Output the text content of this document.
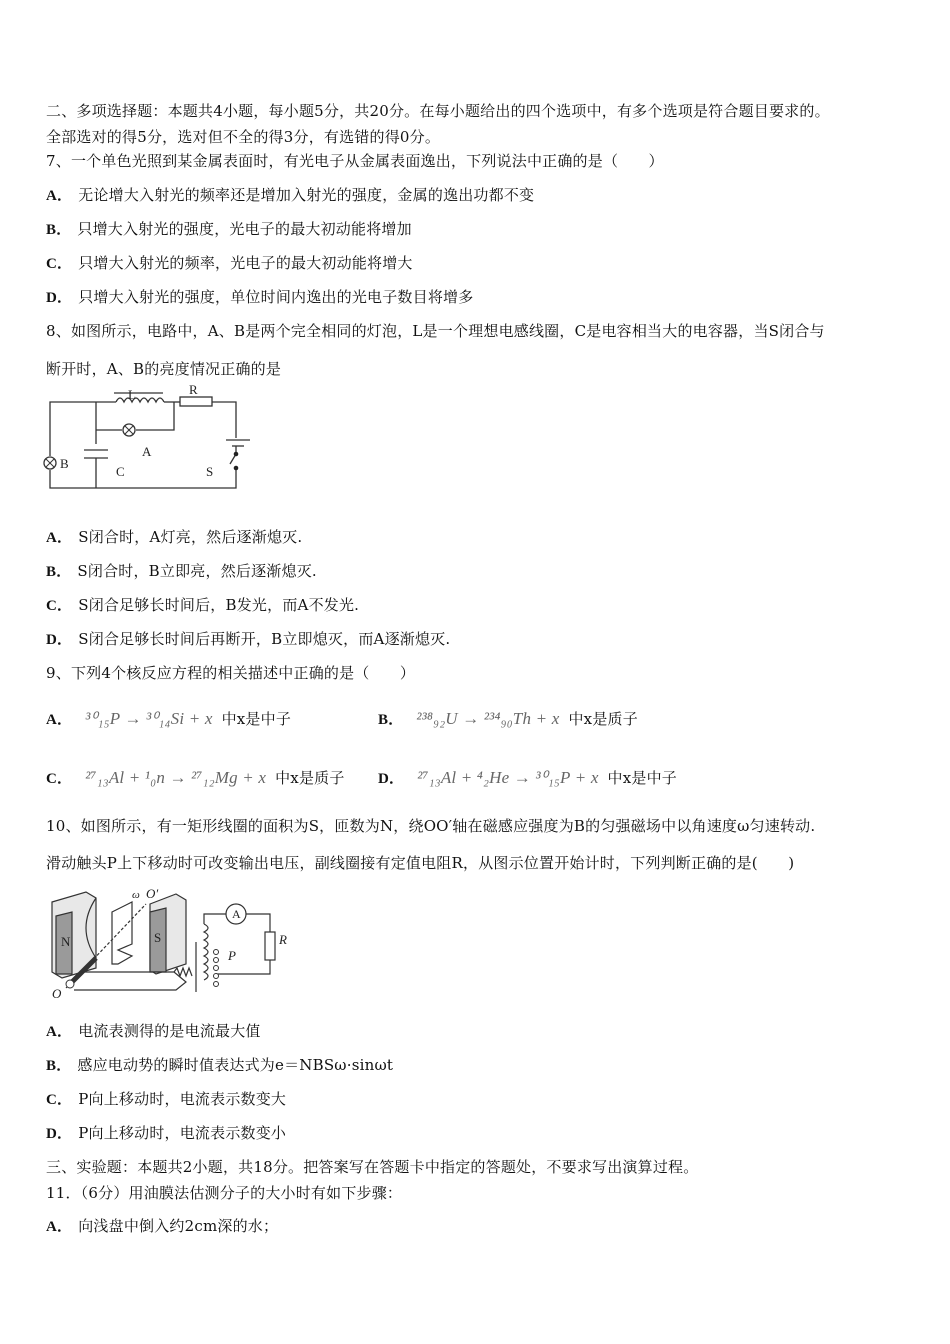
二、多项选择题：本题共4小题，每小题5分，共20分。在每小题给出的四个选项中，有多个选项是符合题目要求的。
全部选对的得5分，选对但不全的得3分，有选错的得0分。
7、一个单色光照到某金属表面时，有光电子从金属表面逸出，下列说法中正确的是（　　）
A． 无论增大入射光的频率还是增加入射光的强度，金属的逸出功都不变
B． 只增大入射光的强度，光电子的最大初动能将增加
C． 只增大入射光的频率，光电子的最大初动能将增大
D． 只增大入射光的强度，单位时间内逸出的光电子数目将增多
8、如图所示，电路中，A、B是两个完全相同的灯泡，L是一个理想电感线圈，C是电容相当大的电容器，当S闭合与
断开时，A、B的亮度情况正确的是
L	R
B
A
C	S
A． S闭合时，A灯亮，然后逐渐熄灭.
B． S闭合时，B立即亮，然后逐渐熄灭.
C． S闭合足够长时间后，B发光，而A不发光.
D． S闭合足够长时间后再断开，B立即熄灭，而A逐渐熄灭.
9、下列4个核反应方程的相关描述中正确的是（　　）
A． ³⁰₁₅P → ³⁰₁₄Si + x 中x是中子	B． ²³⁸₉₂U → ²³⁴₉₀Th + x 中x是质子
C． ²⁷₁₃Al + ¹₀n → ²⁷₁₂Mg + x 中x是质子 D． ²⁷₁₃Al + ⁴₂He → ³⁰₁₅P + x 中x是中子
10、如图所示，有一矩形线圈的面积为S，匝数为N，绕OO′轴在磁感应强度为B的匀强磁场中以角速度ω匀速转动.
滑动触头P上下移动时可改变输出电压，副线圈接有定值电阻R，从图示位置开始计时，下列判断正确的是(　　)
N	S
ω O′
O
A
P
R
A． 电流表测得的是电流最大值
B． 感应电动势的瞬时值表达式为e＝NBSω·sinωt
C． P向上移动时，电流表示数变大
D． P向上移动时，电流表示数变小
三、实验题：本题共2小题，共18分。把答案写在答题卡中指定的答题处，不要求写出演算过程。
11．（6分）用油膜法估测分子的大小时有如下步骤：
A． 向浅盘中倒入约2cm深的水；
